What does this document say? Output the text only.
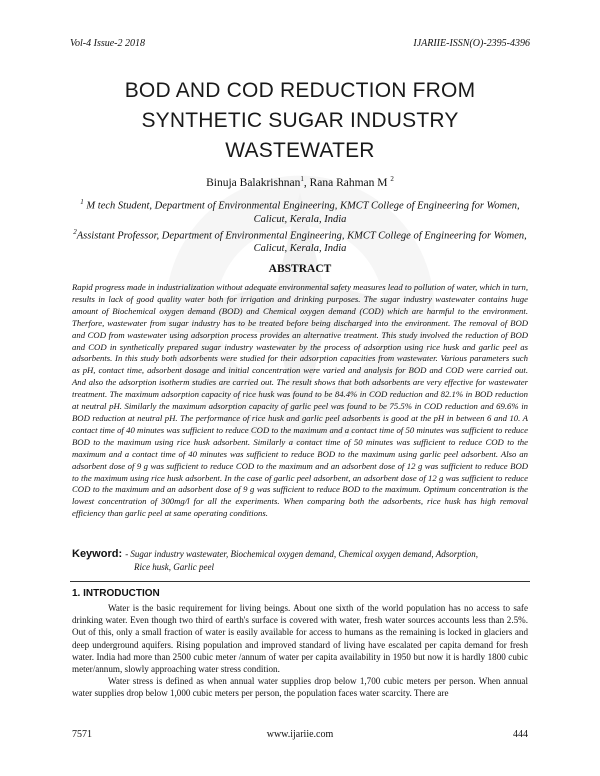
Vol-4 Issue-2 2018	IJARIIE-ISSN(O)-2395-4396
BOD AND COD REDUCTION FROM
SYNTHETIC SUGAR INDUSTRY
WASTEWATER
Binuja Balakrishnan$^1$, Rana Rahman M $^2$
$^1$ M tech Student, Department of Environmental Engineering, KMCT College of Engineering for Women, Calicut, Kerala, India
$^2$Assistant Professor, Department of Environmental Engineering, KMCT College of Engineering for Women, Calicut, Kerala, India
ABSTRACT
Rapid progress made in industrialization without adequate environmental safety measures lead to pollution of water, which in turn, results in lack of good quality water both for irrigation and drinking purposes. The sugar industry wastewater contains huge amount of Biochemical oxygen demand (BOD) and Chemical oxygen demand (COD) which are harmful to the environment. Therfore, wastewater from sugar industry has to be treated before being discharged into the environment. The removal of BOD and COD from wastewater using adsorption process provides an alternative treatment. This study involved the reduction of BOD and COD in synthetically prepared sugar industry wastewater by the process of adsorption using rice husk and garlic peel as adsorbents. In this study both adsorbents were studied for their adsorption capacities from wastewater. Various parameters such as pH, contact time, adsorbent dosage and initial concentration were varied and analysis for BOD and COD were carried out. And also the adsorption isotherm studies are carried out. The result shows that both adsorbents are very effective for wastewater treatment. The maximum adsorption capacity of rice husk was found to be 84.4% in COD reduction and 82.1% in BOD reduction at neutral pH. Similarly the maximum adsorption capacity of garlic peel was found to be 75.5% in COD reduction and 69.6% in BOD reduction at neutral pH. The performance of rice husk and garlic peel adsorbents is good at the pH in between 6 and 10. A contact time of 40 minutes was sufficient to reduce COD to the maximum and a contact time of 50 minutes was sufficient to reduce BOD to the maximum using rice husk adsorbent. Similarly a contact time of 50 minutes was sufficient to reduce COD to the maximum and a contact time of 40 minutes was sufficient to reduce BOD to the maximum using garlic peel adsorbent. Also an adsorbent dose of 9 g was sufficient to reduce COD to the maximum and an adsorbent dose of 12 g was sufficient to reduce BOD to the maximum using rice husk adsorbent. In the case of garlic peel adsorbent, an adsorbent dose of 12 g was sufficient to reduce COD to the maximum and an adsorbent dose of 9 g was sufficient to reduce BOD to the maximum. Optimum concentration is the lowest concentration of 300mg/l for all the experiments. When comparing both the adsorbents, rice husk has high removal efficiency than garlic peel at same operating conditions.
Keyword: - Sugar industry wastewater, Biochemical oxygen demand, Chemical oxygen demand, Adsorption,
Rice husk, Garlic peel
1. INTRODUCTION

Water is the basic requirement for living beings. About one sixth of the world population has no access to safe drinking water. Even though two third of earth's surface is covered with water, fresh water sources accounts less than 2.5%. Out of this, only a small fraction of water is easily available for access to humans as the remaining is locked in glaciers and deep underground aquifers. Rising population and improved standard of living have escalated per capita demand for fresh water. India had more than 2500 cubic meter /annum of water per capita availability in 1950 but now it is hardly 1800 cubic meter/annum, slowly approaching water stress condition.

Water stress is defined as when annual water supplies drop below 1,700 cubic meters per person. When annual water supplies drop below 1,000 cubic meters per person, the population faces water scarcity. There are

7571	www.ijariie.com	444
